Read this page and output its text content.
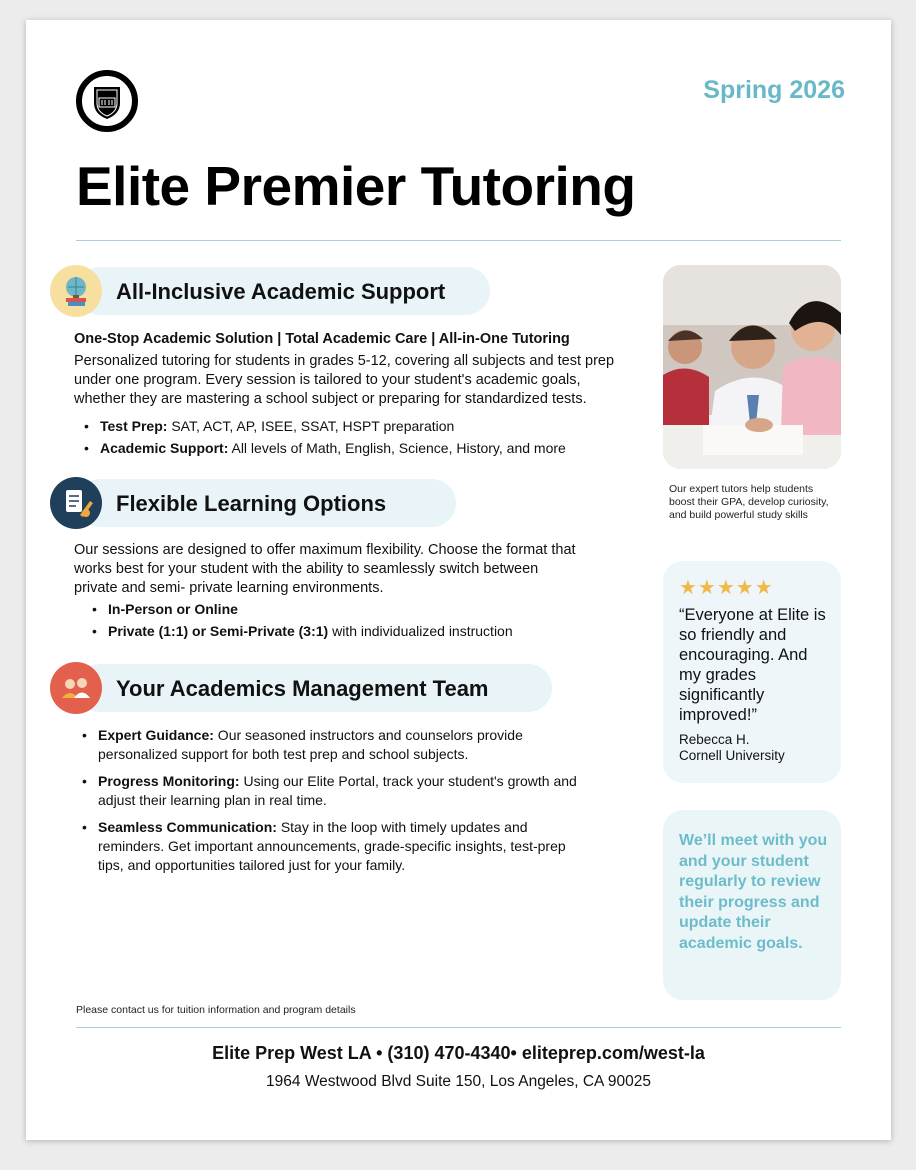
Spring 2026
Elite Premier Tutoring
All-Inclusive Academic Support
One-Stop Academic Solution | Total Academic Care | All-in-One Tutoring
Personalized tutoring for students in grades 5-12, covering all subjects and test prep under one program. Every session is tailored to your student's academic goals, whether they are mastering a school subject or preparing for standardized tests.
• Test Prep: SAT, ACT, AP, ISEE, SSAT, HSPT preparation
• Academic Support: All levels of Math, English, Science, History, and more
Flexible Learning Options
Our sessions are designed to offer maximum flexibility. Choose the format that works best for your student with the ability to seamlessly switch between private and semi- private learning environments.
• In-Person or Online
• Private (1:1) or Semi-Private (3:1) with individualized instruction
Your Academics Management Team
• Expert Guidance: Our seasoned instructors and counselors provide personalized support for both test prep and school subjects.
• Progress Monitoring: Using our Elite Portal, track your student's growth and adjust their learning plan in real time.
• Seamless Communication: Stay in the loop with timely updates and reminders. Get important announcements, grade-specific insights, test-prep tips, and opportunities tailored just for your family.
Our expert tutors help students boost their GPA, develop curiosity, and build powerful study skills
★★★★★
“Everyone at Elite is so friendly and encouraging. And my grades significantly improved!”
Rebecca H.
Cornell University
We’ll meet with you and your student regularly to review their progress and update their academic goals.
Please contact us for tuition information and program details
Elite Prep West LA • (310) 470-4340• eliteprep.com/west-la
1964 Westwood Blvd Suite 150, Los Angeles, CA 90025
